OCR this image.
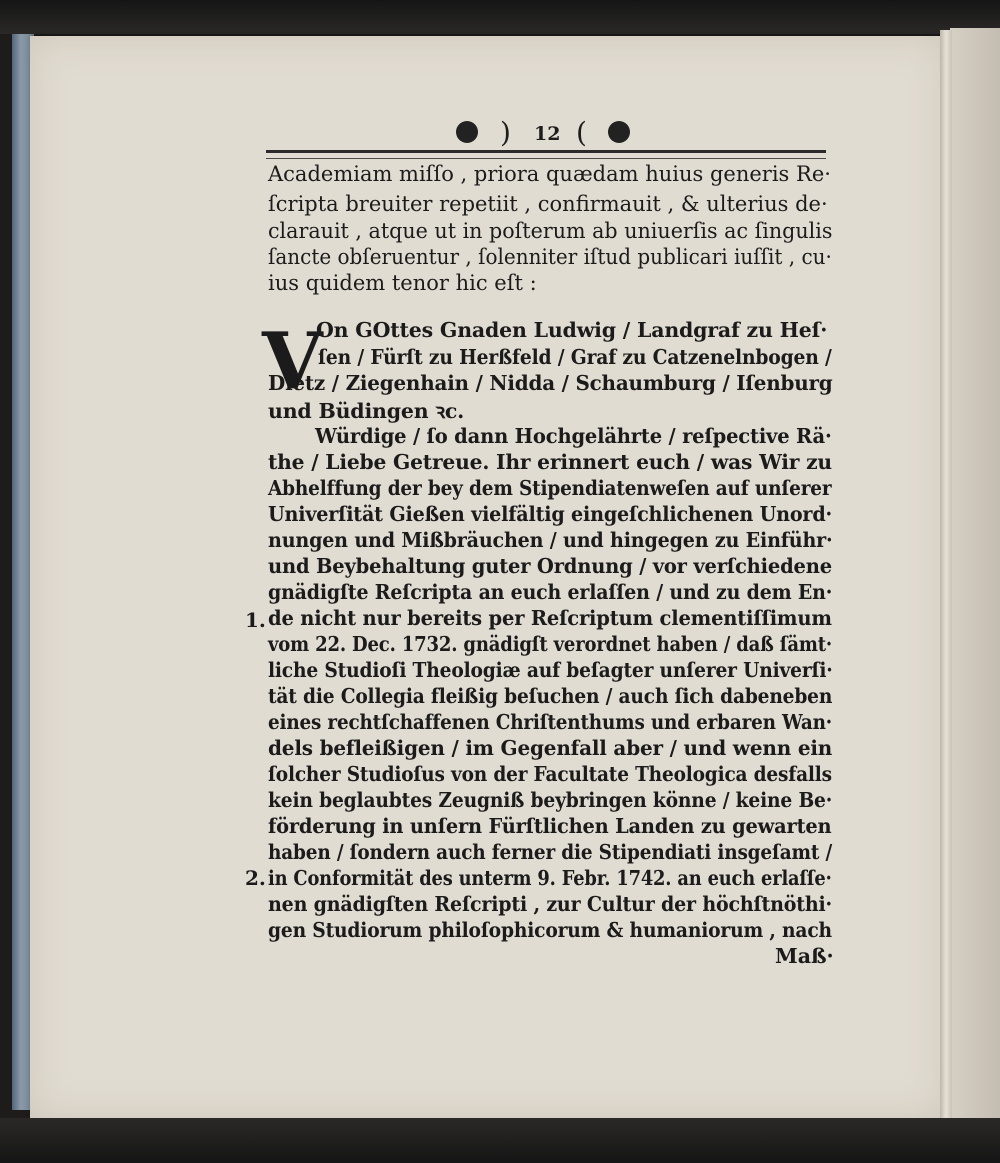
) 12 (

Academiam miſſo , priora quædam huius generis Re·

ſcripta breuiter repetiit , confirmauit , & ulterius de·

clarauit , atque ut in poſterum ab uniuerſis ac ſingulis

ſancte obſeruentur , ſolenniter iſtud publicari iuſſit , cu·

ius quidem tenor hic eſt :

V

On GOttes Gnaden Ludwig / Landgraf zu Heſ·

ſen / Fürſt zu Herßfeld / Graf zu Catzenelnbogen /

Dietz / Ziegenhain / Nidda / Schaumburg / Iſenburg

und Büdingen ꝛc.

Würdige / ſo dann Hochgelährte / reſpective Rä·

the / Liebe Getreue. Ihr erinnert euch / was Wir zu

Abhelffung der bey dem Stipendiatenweſen auf unſerer

Univerſität Gießen vielfältig eingeſchlichenen Unord·

nungen und Mißbräuchen / und hingegen zu Einführ·

und Beybehaltung guter Ordnung / vor verſchiedene

gnädigſte Reſcripta an euch erlaſſen / und zu dem En·

1. de nicht nur bereits per Reſcriptum clementiſſimum

vom 22. Dec. 1732. gnädigſt verordnet haben / daß ſämt·

liche Studioſi Theologiæ auf beſagter unſerer Univerſi·

tät die Collegia fleißig beſuchen / auch ſich dabeneben

eines rechtſchaffenen Chriſtenthums und erbaren Wan·

dels befleißigen / im Gegenfall aber / und wenn ein

ſolcher Studioſus von der Facultate Theologica desfalls

kein beglaubtes Zeugniß beybringen könne / keine Be·

förderung in unſern Fürſtlichen Landen zu gewarten

haben / ſondern auch ferner die Stipendiati insgeſamt /

2. in Conformität des unterm 9. Febr. 1742. an euch erlaſſe·

nen gnädigſten Reſcripti , zur Cultur der höchſtnöthi·

gen Studiorum philoſophicorum & humaniorum , nach

Maß·
